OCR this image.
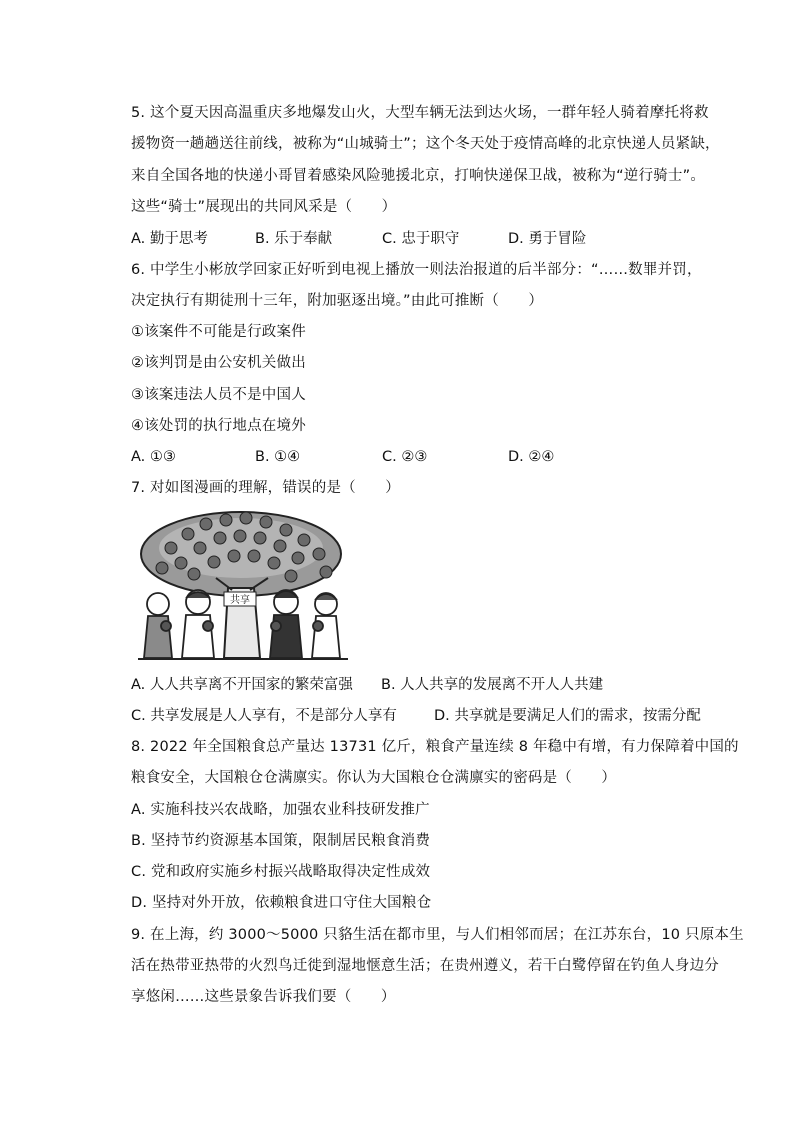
5. 这个夏天因高温重庆多地爆发山火，大型车辆无法到达火场，一群年轻人骑着摩托将救
援物资一趟趟送往前线，被称为“山城骑士”；这个冬天处于疫情高峰的北京快递人员紧缺，
来自全国各地的快递小哥冒着感染风险驰援北京，打响快递保卫战，被称为“逆行骑士”。
这些“骑士”展现出的共同风采是（　　）
A. 勤于思考	B. 乐于奉献	C. 忠于职守	D. 勇于冒险
6. 中学生小彬放学回家正好听到电视上播放一则法治报道的后半部分：“……数罪并罚，
决定执行有期徒刑十三年，附加驱逐出境。”由此可推断（　　）
①该案件不可能是行政案件
②该判罚是由公安机关做出
③该案违法人员不是中国人
④该处罚的执行地点在境外
A. ①③	B. ①④	C. ②③	D. ②④
7. 对如图漫画的理解，错误的是（　　）
共享
A. 人人共享离不开国家的繁荣富强 B. 人人共享的发展离不开人人共建
C. 共享发展是人人享有，不是部分人享有	D. 共享就是要满足人们的需求，按需分配
8. 2022 年全国粮食总产量达 13731 亿斤，粮食产量连续 8 年稳中有增，有力保障着中国的
粮食安全，大国粮仓仓满廪实。你认为大国粮仓仓满廪实的密码是（　　）
A. 实施科技兴农战略，加强农业科技研发推广
B. 坚持节约资源基本国策，限制居民粮食消费
C. 党和政府实施乡村振兴战略取得决定性成效
D. 坚持对外开放，依赖粮食进口守住大国粮仓
9. 在上海，约 3000～5000 只貉生活在都市里，与人们相邻而居；在江苏东台，10 只原本生
活在热带亚热带的火烈鸟迁徙到湿地惬意生活；在贵州遵义，若干白鹭停留在钓鱼人身边分
享悠闲……这些景象告诉我们要（　　）
